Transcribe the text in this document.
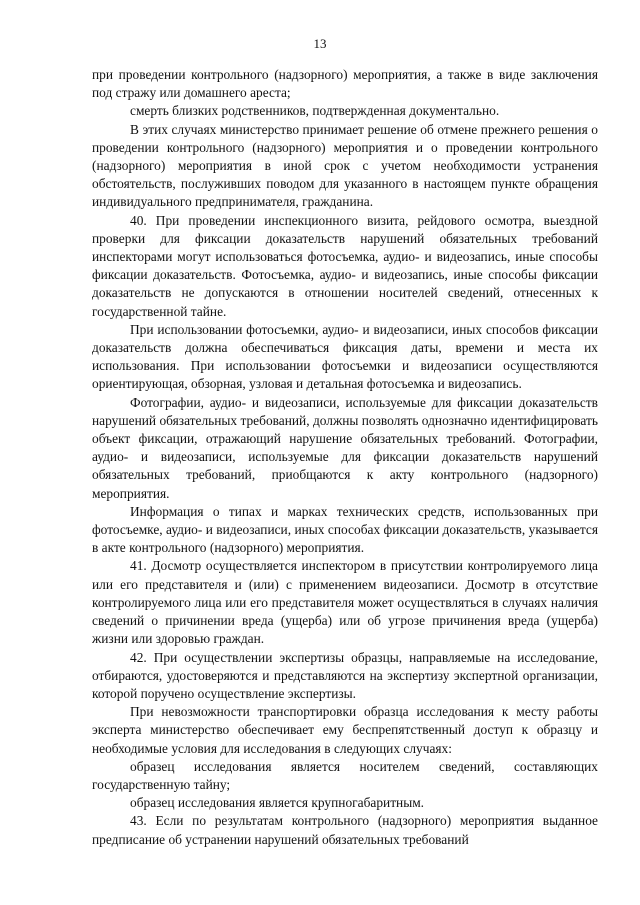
13

при проведении контрольного (надзорного) мероприятия, а также в виде заключения под стражу или домашнего ареста;

смерть близких родственников, подтвержденная документально.

В этих случаях министерство принимает решение об отмене прежнего решения о проведении контрольного (надзорного) мероприятия и о проведении контрольного (надзорного) мероприятия в иной срок с учетом необходимости устранения обстоятельств, послуживших поводом для указанного в настоящем пункте обращения индивидуального предпринимателя, гражданина.

40. При проведении инспекционного визита, рейдового осмотра, выездной проверки для фиксации доказательств нарушений обязательных требований инспекторами могут использоваться фотосъемка, аудио- и видеозапись, иные способы фиксации доказательств. Фотосъемка, аудио- и видеозапись, иные способы фиксации доказательств не допускаются в отношении носителей сведений, отнесенных к государственной тайне.

При использовании фотосъемки, аудио- и видеозаписи, иных способов фиксации доказательств должна обеспечиваться фиксация даты, времени и места их использования. При использовании фотосъемки и видеозаписи осуществляются ориентирующая, обзорная, узловая и детальная фотосъемка и видеозапись.

Фотографии, аудио- и видеозаписи, используемые для фиксации доказательств нарушений обязательных требований, должны позволять однозначно идентифицировать объект фиксации, отражающий нарушение обязательных требований. Фотографии, аудио- и видеозаписи, используемые для фиксации доказательств нарушений обязательных требований, приобщаются к акту контрольного (надзорного) мероприятия.

Информация о типах и марках технических средств, использованных при фотосъемке, аудио- и видеозаписи, иных способах фиксации доказательств, указывается в акте контрольного (надзорного) мероприятия.

41. Досмотр осуществляется инспектором в присутствии контролируемого лица или его представителя и (или) с применением видеозаписи. Досмотр в отсутствие контролируемого лица или его представителя может осуществляться в случаях наличия сведений о причинении вреда (ущерба) или об угрозе причинения вреда (ущерба) жизни или здоровью граждан.

42. При осуществлении экспертизы образцы, направляемые на исследование, отбираются, удостоверяются и представляются на экспертизу экспертной организации, которой поручено осуществление экспертизы.

При невозможности транспортировки образца исследования к месту работы эксперта министерство обеспечивает ему беспрепятственный доступ к образцу и необходимые условия для исследования в следующих случаях:

образец исследования является носителем сведений, составляющих государственную тайну;

образец исследования является крупногабаритным.

43. Если по результатам контрольного (надзорного) мероприятия выданное предписание об устранении нарушений обязательных требований
